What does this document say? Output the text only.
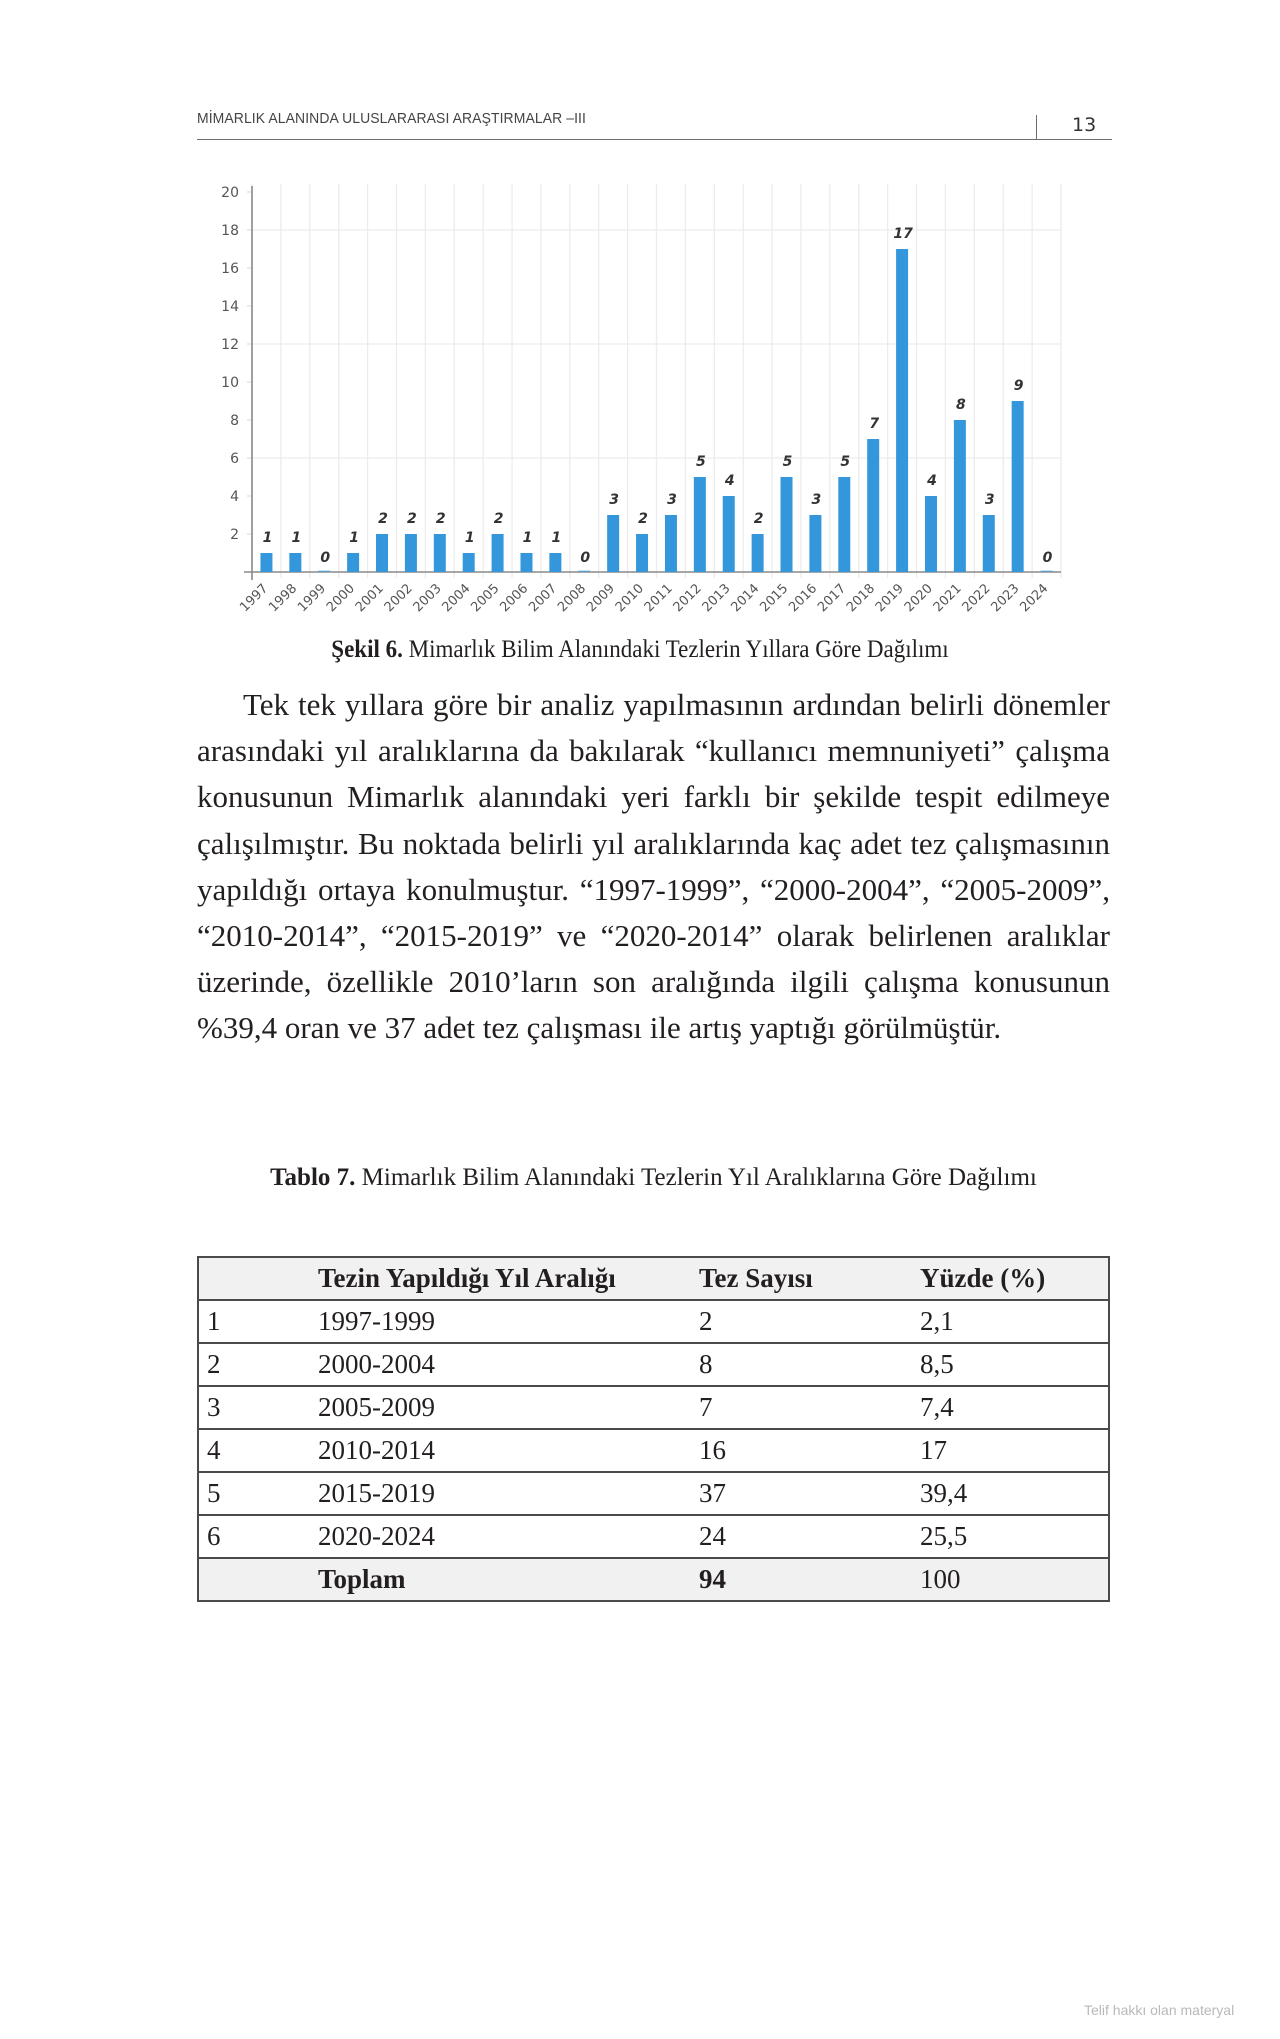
MİMARLIK ALANINDA ULUSLARARASI ARAŞTIRMALAR –III	13
2
4
6
8
10
12
14
16
18
20
1
1997
1
1998
0
1999
1
2000
2
2001
2
2002
2
2003
1
2004
2
2005
1
2006
1
2007
0
2008
3
2009
2
2010
3
2011
5
2012
4
2013
2
2014
5
2015
3
2016
5
2017
7
2018
17
2019
4
2020
8
2021
3
2022
9
2023
0
2024
Şekil 6. Mimarlık Bilim Alanındaki Tezlerin Yıllara Göre Dağılımı

Tek tek yıllara göre bir analiz yapılmasının ardından belirli dönemler arasındaki yıl aralıklarına da bakılarak “kullanıcı memnuniyeti” çalışma konusunun Mimarlık alanındaki yeri farklı bir şekilde tespit edilmeye çalışılmıştır. Bu noktada belirli yıl aralıklarında kaç adet tez çalışmasının yapıldığı ortaya konulmuştur. “1997-1999”, “2000-2004”, “2005-2009”, “2010-2014”, “2015-2019” ve “2020-2014” olarak belirlenen aralıklar üzerinde, özellikle 2010’ların son aralığında ilgili çalışma konusunun %39,4 oran ve 37 adet tez çalışması ile artış yaptığı görülmüştür.

Tablo 7. Mimarlık Bilim Alanındaki Tezlerin Yıl Aralıklarına Göre Dağılımı
	Tezin Yapıldığı Yıl Aralığı	Tez Sayısı	Yüzde (%)
1	1997-1999	2	2,1
2	2000-2004	8	8,5
3	2005-2009	7	7,4
4	2010-2014	16	17
5	2015-2019	37	39,4
6	2020-2024	24	25,5
	Toplam	94	100
Telif hakkı olan materyal
